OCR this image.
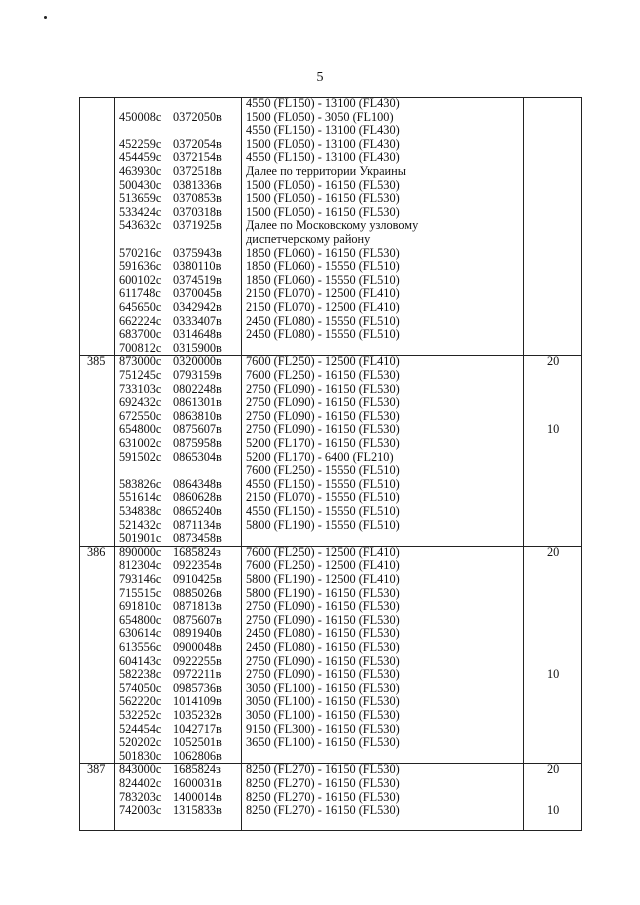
5
4550 (FL150) - 13100 (FL430)
450008с 0372050в 1500 (FL050) - 3050 (FL100)
4550 (FL150) - 13100 (FL430)
452259с 0372054в 1500 (FL050) - 13100 (FL430)
454459с 0372154в 4550 (FL150) - 13100 (FL430)
463930с 0372518в Далее по территории Украины
500430с 0381336в 1500 (FL050) - 16150 (FL530)
513659с 0370853в 1500 (FL050) - 16150 (FL530)
533424с 0370318в 1500 (FL050) - 16150 (FL530)
543632с 0371925в Далее по Московскому узловому
диспетчерскому району
570216с 0375943в 1850 (FL060) - 16150 (FL530)
591636с 0380110в 1850 (FL060) - 15550 (FL510)
600102с 0374519в 1850 (FL060) - 15550 (FL510)
611748с 0370045в 2150 (FL070) - 12500 (FL410)
645650с 0342942в 2150 (FL070) - 12500 (FL410)
662224с 0333407в 2450 (FL080) - 15550 (FL510)
683700с 0314648в 2450 (FL080) - 15550 (FL510)
700812с 0315900в
385 873000с 0320000в 7600 (FL250) - 12500 (FL410)	20
751245с 0793159в 7600 (FL250) - 16150 (FL530)
733103с 0802248в 2750 (FL090) - 16150 (FL530)
692432с 0861301в 2750 (FL090) - 16150 (FL530)
672550с 0863810в 2750 (FL090) - 16150 (FL530)
654800с 0875607в 2750 (FL090) - 16150 (FL530)	10
631002с 0875958в 5200 (FL170) - 16150 (FL530)
591502с 0865304в 5200 (FL170) - 6400 (FL210)
7600 (FL250) - 15550 (FL510)
583826с 0864348в 4550 (FL150) - 15550 (FL510)
551614с 0860628в 2150 (FL070) - 15550 (FL510)
534838с 0865240в 4550 (FL150) - 15550 (FL510)
521432с 0871134в 5800 (FL190) - 15550 (FL510)
501901с 0873458в
386 890000с 1685824з 7600 (FL250) - 12500 (FL410)	20
812304с 0922354в 7600 (FL250) - 12500 (FL410)
793146с 0910425в 5800 (FL190) - 12500 (FL410)
715515с 0885026в 5800 (FL190) - 16150 (FL530)
691810с 0871813в 2750 (FL090) - 16150 (FL530)
654800с 0875607в 2750 (FL090) - 16150 (FL530)
630614с 0891940в 2450 (FL080) - 16150 (FL530)
613556с 0900048в 2450 (FL080) - 16150 (FL530)
604143с 0922255в 2750 (FL090) - 16150 (FL530)
582238с 0972211в 2750 (FL090) - 16150 (FL530)	10
574050с 0985736в 3050 (FL100) - 16150 (FL530)
562220с 1014109в 3050 (FL100) - 16150 (FL530)
532252с 1035232в 3050 (FL100) - 16150 (FL530)
524454с 1042717в 9150 (FL300) - 16150 (FL530)
520202с 1052501в 3650 (FL100) - 16150 (FL530)
501830с 1062806в
387 843000с 1685824з 8250 (FL270) - 16150 (FL530)	20
824402с 1600031в 8250 (FL270) - 16150 (FL530)
783203с 1400014в 8250 (FL270) - 16150 (FL530)
742003с 1315833в 8250 (FL270) - 16150 (FL530)	10
